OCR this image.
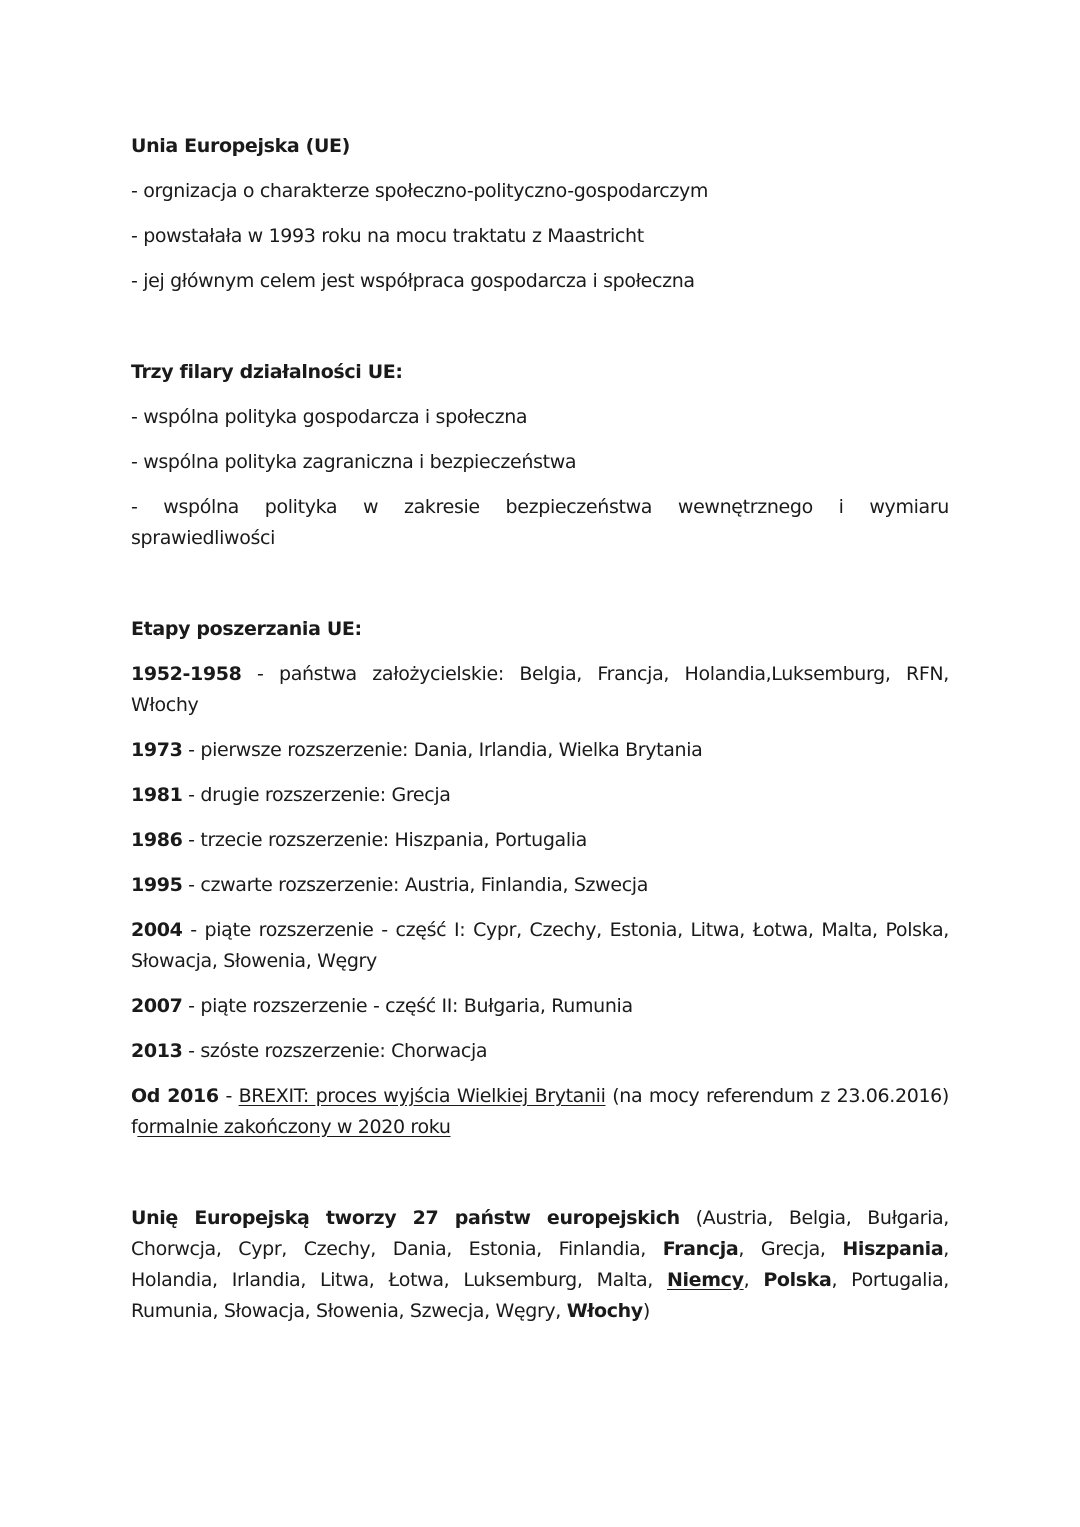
Unia Europejska (UE)
- orgnizacja o charakterze społeczno-polityczno-gospodarczym
- powstałała w 1993 roku na mocu traktatu z Maastricht
- jej głównym celem jest współpraca gospodarcza i społeczna
Trzy filary działalności UE:
- wspólna polityka gospodarcza i społeczna
- wspólna polityka zagraniczna i bezpieczeństwa
- wspólna polityka w zakresie bezpieczeństwa wewnętrznego i wymiaru
sprawiedliwości
Etapy poszerzania UE:
1952-1958 - państwa założycielskie: Belgia, Francja, Holandia,Luksemburg, RFN, Włochy
1973 - pierwsze rozszerzenie: Dania, Irlandia, Wielka Brytania
1981 - drugie rozszerzenie: Grecja
1986 - trzecie rozszerzenie: Hiszpania, Portugalia
1995 - czwarte rozszerzenie: Austria, Finlandia, Szwecja
2004 - piąte rozszerzenie - część I: Cypr, Czechy, Estonia, Litwa, Łotwa, Malta, Polska, Słowacja, Słowenia, Węgry
2007 - piąte rozszerzenie - część II: Bułgaria, Rumunia
2013 - szóste rozszerzenie: Chorwacja
Od 2016 - BREXIT: proces wyjścia Wielkiej Brytanii (na mocy referendum z 23.06.2016) formalnie zakończony w 2020 roku
Unię Europejską tworzy 27 państw europejskich (Austria, Belgia, Bułgaria, Chorwcja, Cypr, Czechy, Dania, Estonia, Finlandia, Francja, Grecja, Hiszpania, Holandia, Irlandia, Litwa, Łotwa, Luksemburg, Malta, Niemcy, Polska, Portugalia, Rumunia, Słowacja, Słowenia, Szwecja, Węgry, Włochy)
